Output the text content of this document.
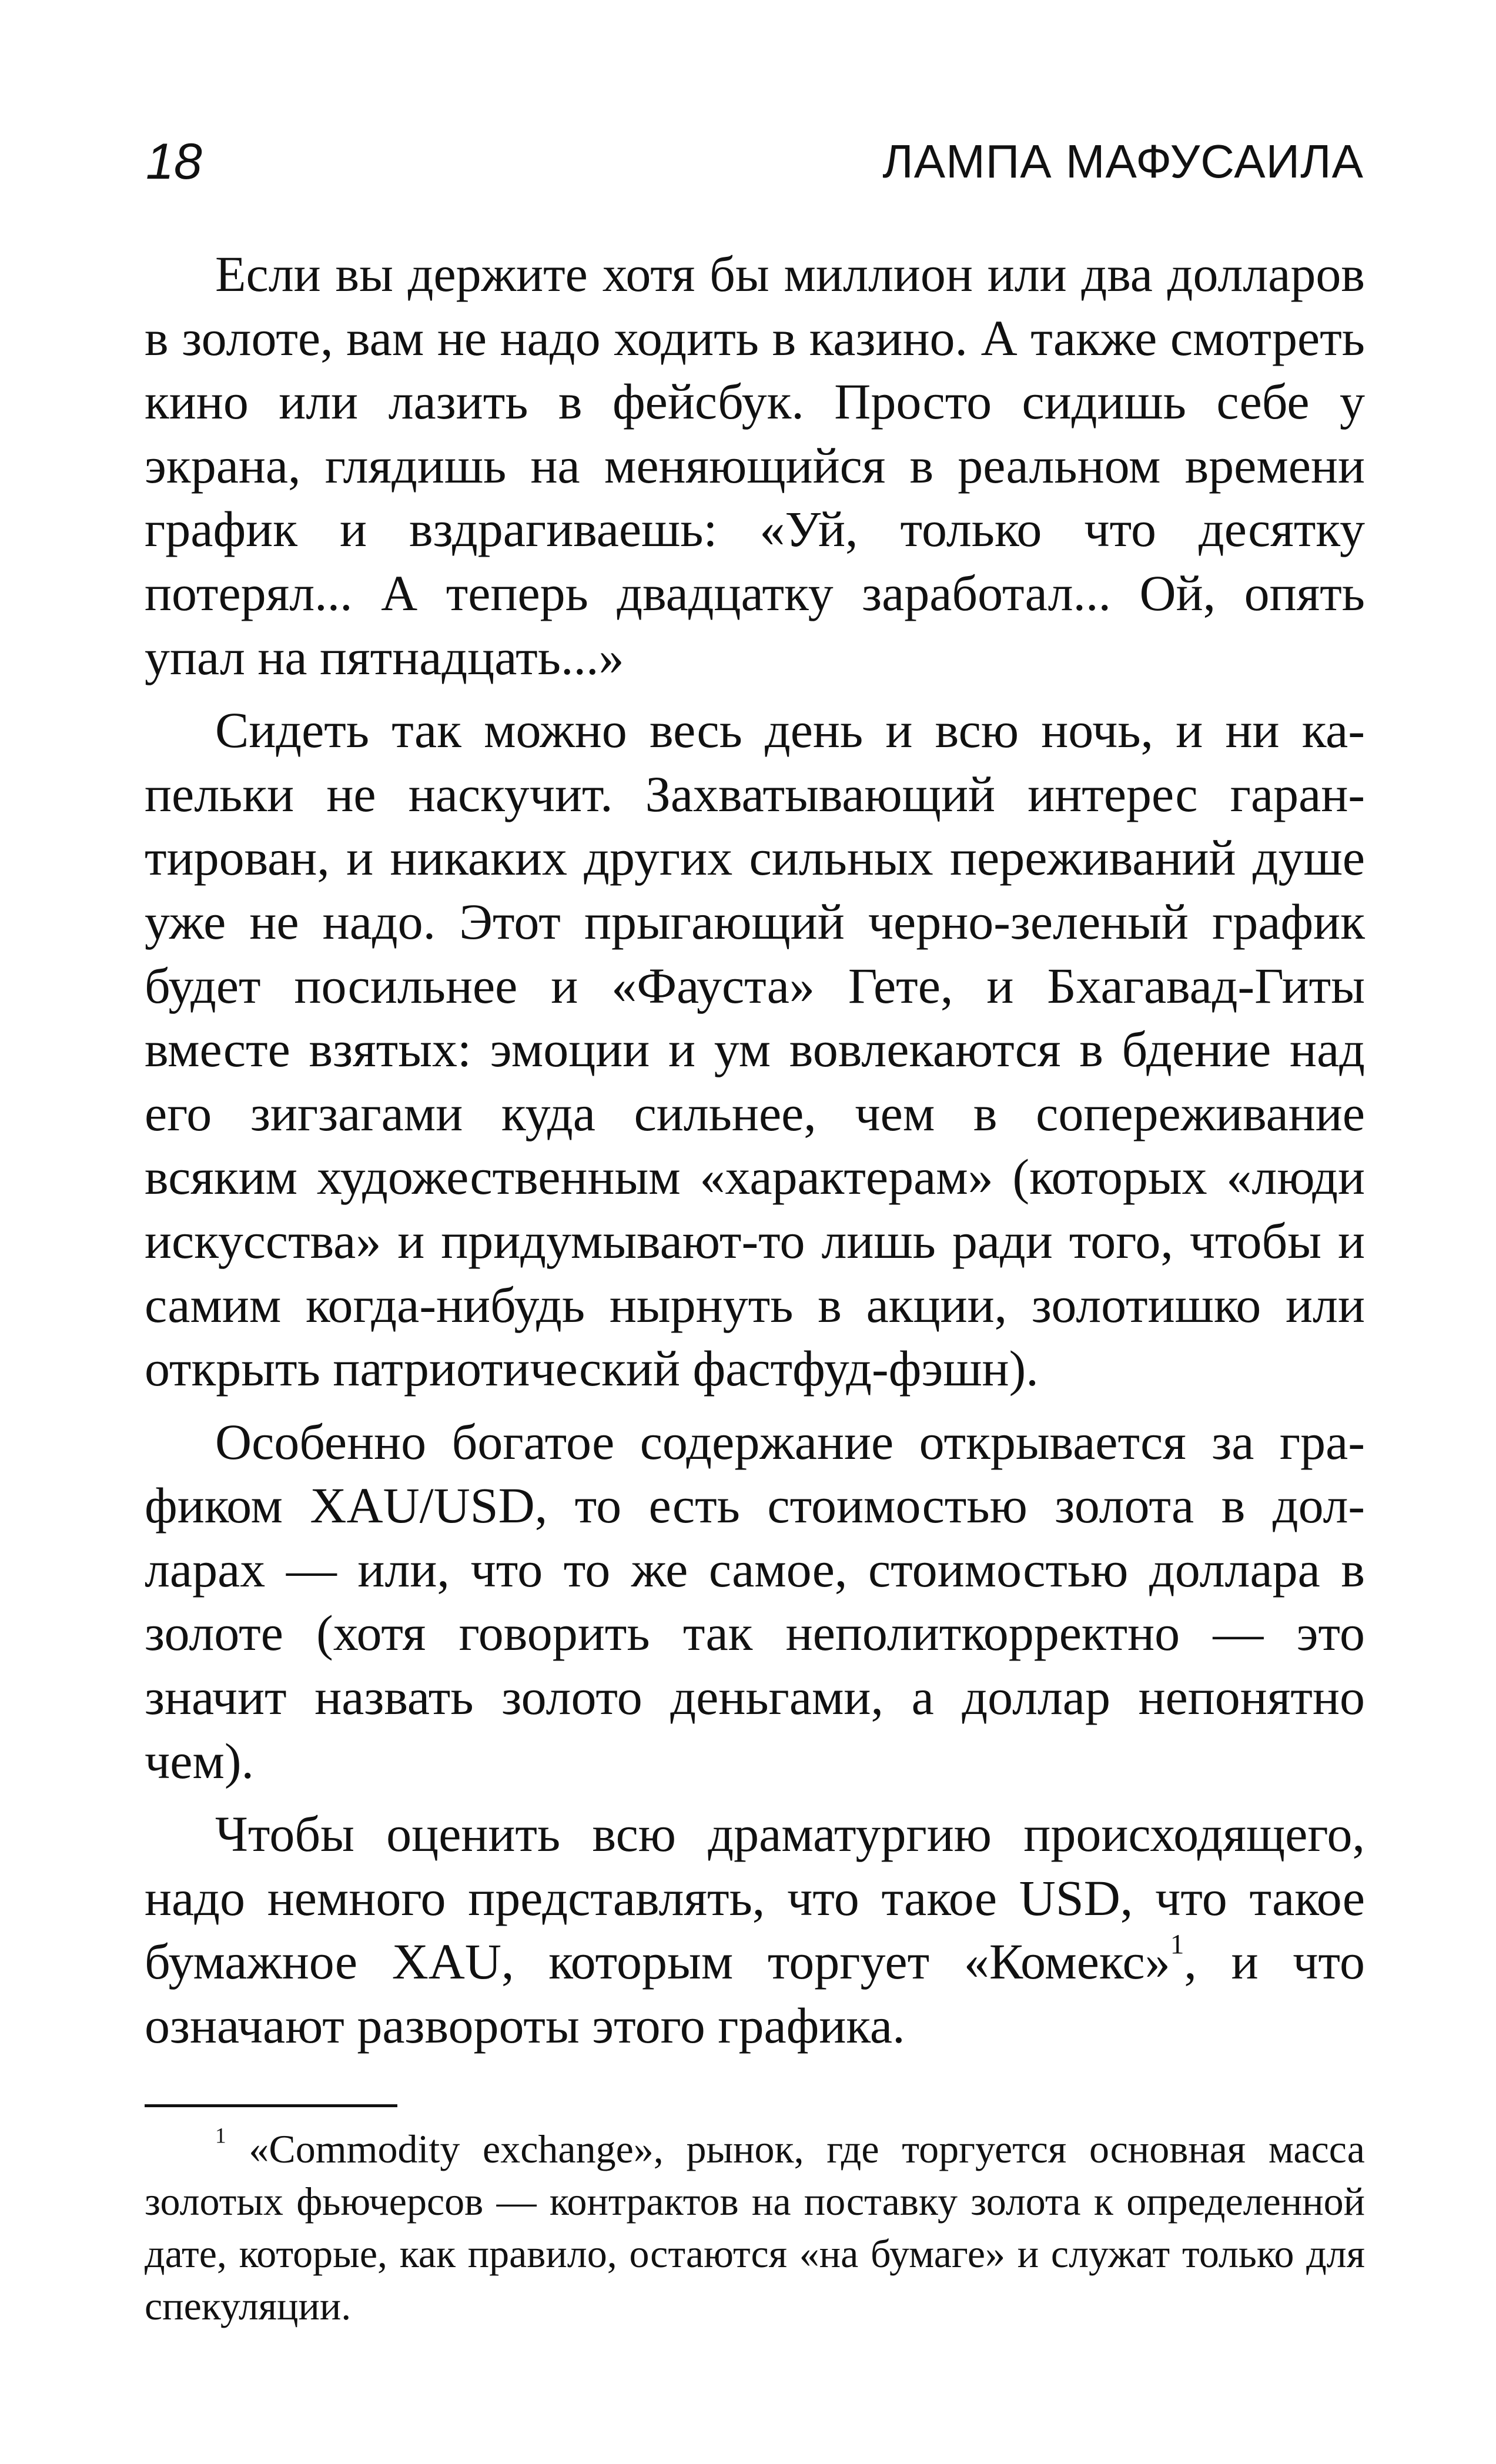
18	ЛАМПА МАФУСАИЛА

Если вы держите хотя бы миллион или два долларов в золоте, вам не надо ходить в казино. А также смотреть кино или лазить в фейсбук. Просто сидишь себе у экрана, глядишь на меняющийся в реальном времени график и вздрагиваешь: «Уй, только что десятку потерял... А теперь двадцатку заработал... Ой, опять упал на пятнадцать...»

Сидеть так можно весь день и всю ночь, и ни капельки не наскучит. Захватывающий интерес гарантирован, и никаких других сильных переживаний душе уже не надо. Этот прыгающий черно-зеленый график будет посильнее и «Фауста» Гете, и Бхагавад-Гиты вместе взятых: эмоции и ум вовлекаются в бдение над его зигзагами куда сильнее, чем в сопереживание всяким художественным «характерам» (которых «люди искусства» и придумывают-то лишь ради того, чтобы и самим когда-нибудь нырнуть в акции, золотишко или открыть патриотический фастфуд-фэшн).

Особенно богатое содержание открывается за графиком XAU/USD, то есть стоимостью золота в долларах — или, что то же самое, стоимостью доллара в золоте (хотя говорить так неполиткорректно — это значит назвать золото деньгами, а доллар непонятно чем).

Чтобы оценить всю драматургию происходящего, надо немного представлять, что такое USD, что такое бумажное XAU, которым торгует «Комекс»$^1$, и что означают развороты этого графика.

$^1$ «Commodity exchange», рынок, где торгуется основная масса золотых фьючерсов — контрактов на поставку золота к определенной дате, которые, как правило, остаются «на бумаге» и служат только для спекуляции.
